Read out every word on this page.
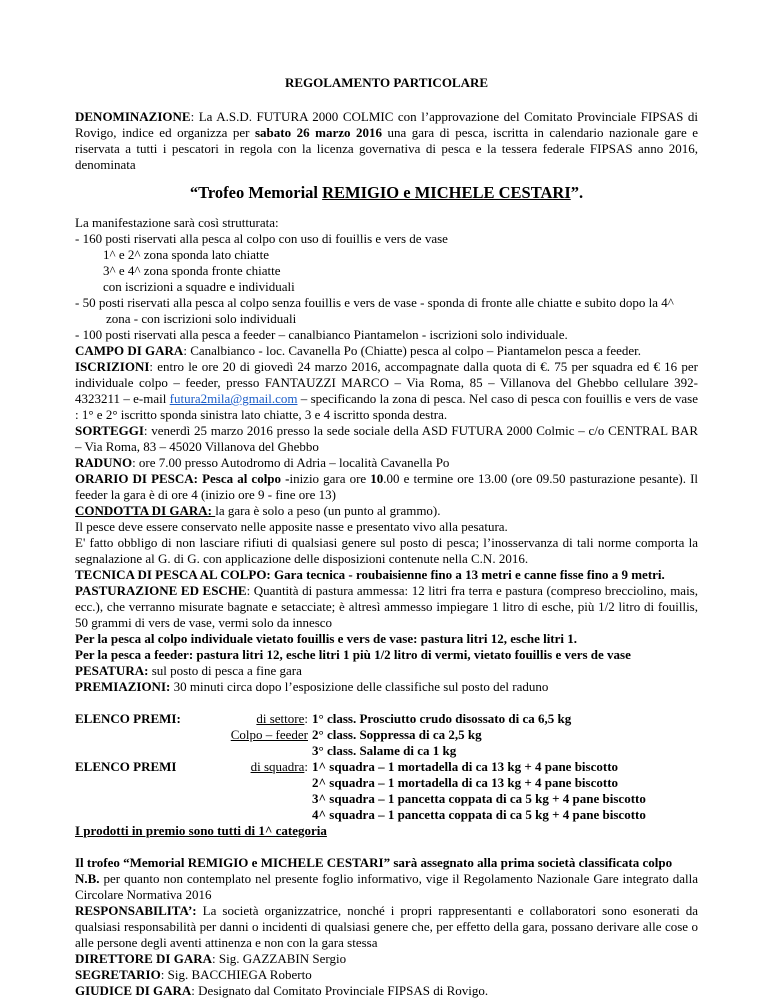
REGOLAMENTO PARTICOLARE

DENOMINAZIONE: La A.S.D. FUTURA 2000 COLMIC con l’approvazione del Comitato Provinciale FIPSAS di Rovigo, indice ed organizza per sabato 26 marzo 2016 una gara di pesca, iscritta in calendario nazionale gare e riservata a tutti i pescatori in regola con la licenza governativa di pesca e la tessera federale FIPSAS anno 2016, denominata

“Trofeo Memorial REMIGIO e MICHELE CESTARI”.

La manifestazione sarà così strutturata:

- 160 posti riservati alla pesca al colpo con uso di fouillis e vers de vase

1^ e 2^ zona sponda lato chiatte

3^ e 4^ zona sponda fronte chiatte

con iscrizioni a squadre e individuali

- 50 posti riservati alla pesca al colpo senza fouillis e vers de vase - sponda di fronte alle chiatte e subito dopo la 4^ zona - con iscrizioni solo individuali

- 100 posti riservati alla pesca a feeder – canalbianco Piantamelon - iscrizioni solo individuale.

CAMPO DI GARA: Canalbianco - loc. Cavanella Po (Chiatte) pesca al colpo – Piantamelon pesca a feeder.

ISCRIZIONI: entro le ore 20 di giovedì 24 marzo 2016, accompagnate dalla quota di €. 75 per squadra ed € 16 per individuale colpo – feeder, presso FANTAUZZI MARCO – Via Roma, 85 – Villanova del Ghebbo cellulare 392-4323211 – e-mail futura2mila@gmail.com – specificando la zona di pesca. Nel caso di pesca con fouillis e vers de vase : 1° e 2° iscritto sponda sinistra lato chiatte, 3 e 4 iscritto sponda destra.

SORTEGGI: venerdì 25 marzo 2016 presso la sede sociale della ASD FUTURA 2000 Colmic – c/o CENTRAL BAR – Via Roma, 83 – 45020 Villanova del Ghebbo

RADUNO: ore 7.00 presso Autodromo di Adria – località Cavanella Po

ORARIO DI PESCA: Pesca al colpo -inizio gara ore 10.00 e termine ore 13.00 (ore 09.50 pasturazione pesante). Il feeder la gara è di ore 4 (inizio ore 9 - fine ore 13)

CONDOTTA DI GARA: la gara è solo a peso (un punto al grammo).

Il pesce deve essere conservato nelle apposite nasse e presentato vivo alla pesatura.

E' fatto obbligo di non lasciare rifiuti di qualsiasi genere sul posto di pesca; l’inosservanza di tali norme comporta la segnalazione al G. di G. con applicazione delle disposizioni contenute nella C.N. 2016.

TECNICA DI PESCA AL COLPO: Gara tecnica - roubaisienne fino a 13 metri e canne fisse fino a 9 metri.

PASTURAZIONE ED ESCHE: Quantità di pastura ammessa: 12 litri fra terra e pastura (compreso brecciolino, mais, ecc.), che verranno misurate bagnate e setacciate; è altresì ammesso impiegare 1 litro di esche, più 1/2 litro di fouillis, 50 grammi di vers de vase, vermi solo da innesco

Per la pesca al colpo individuale vietato fouillis e vers de vase: pastura litri 12, esche litri 1.

Per la pesca a feeder: pastura litri 12, esche litri 1 più 1/2 litro di vermi, vietato fouillis e vers de vase

PESATURA: sul posto di pesca a fine gara

PREMIAZIONI: 30 minuti circa dopo l’esposizione delle classifiche sul posto del raduno

ELENCO PREMI:	di settore: 1° class. Prosciutto crudo disossato di ca 6,5 kg
Colpo – feeder 2° class. Soppressa di ca 2,5 kg
3° class. Salame di ca 1 kg
ELENCO PREMI	di squadra: 1^ squadra – 1 mortadella di ca 13 kg + 4 pane biscotto
2^ squadra – 1 mortadella di ca 13 kg + 4 pane biscotto
3^ squadra – 1 pancetta coppata di ca 5 kg + 4 pane biscotto
4^ squadra – 1 pancetta coppata di ca 5 kg + 4 pane biscotto
I prodotti in premio sono tutti di 1^ categoria

Il trofeo “Memorial REMIGIO e MICHELE CESTARI” sarà assegnato alla prima società classificata colpo

N.B. per quanto non contemplato nel presente foglio informativo, vige il Regolamento Nazionale Gare integrato dalla Circolare Normativa 2016

RESPONSABILITA’: La società organizzatrice, nonché i propri rappresentanti e collaboratori sono esonerati da qualsiasi responsabilità per danni o incidenti di qualsiasi genere che, per effetto della gara, possano derivare alle cose o alle persone degli aventi attinenza e non con la gara stessa

DIRETTORE DI GARA: Sig. GAZZABIN Sergio

SEGRETARIO: Sig. BACCHIEGA Roberto

GIUDICE DI GARA: Designato dal Comitato Provinciale FIPSAS di Rovigo.
